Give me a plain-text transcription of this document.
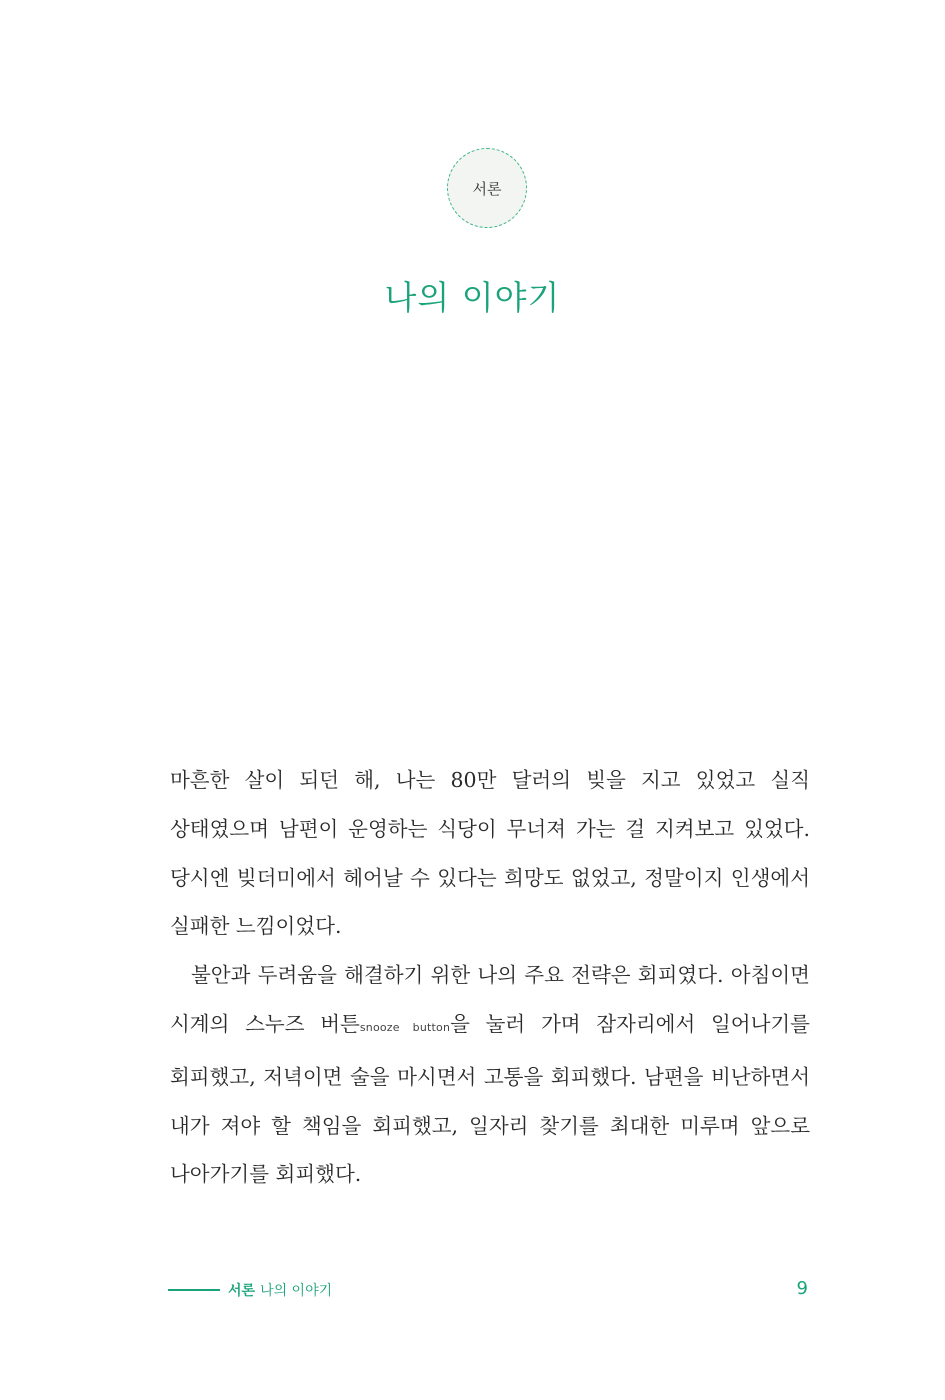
서론
나의 이야기

마흔한 살이 되던 해, 나는 80만 달러의 빚을 지고 있었고 실직 상태였으며 남편이 운영하는 식당이 무너져 가는 걸 지켜보고 있었다. 당시엔 빚더미에서 헤어날 수 있다는 희망도 없었고, 정말이지 인생에서 실패한 느낌이었다.

불안과 두려움을 해결하기 위한 나의 주요 전략은 회피였다. 아침이면 시계의 스누즈 버튼snooze button을 눌러 가며 잠자리에서 일어나기를 회피했고, 저녁이면 술을 마시면서 고통을 회피했다. 남편을 비난하면서 내가 져야 할 책임을 회피했고, 일자리 찾기를 최대한 미루며 앞으로 나아가기를 회피했다.

서론 나의 이야기	9
